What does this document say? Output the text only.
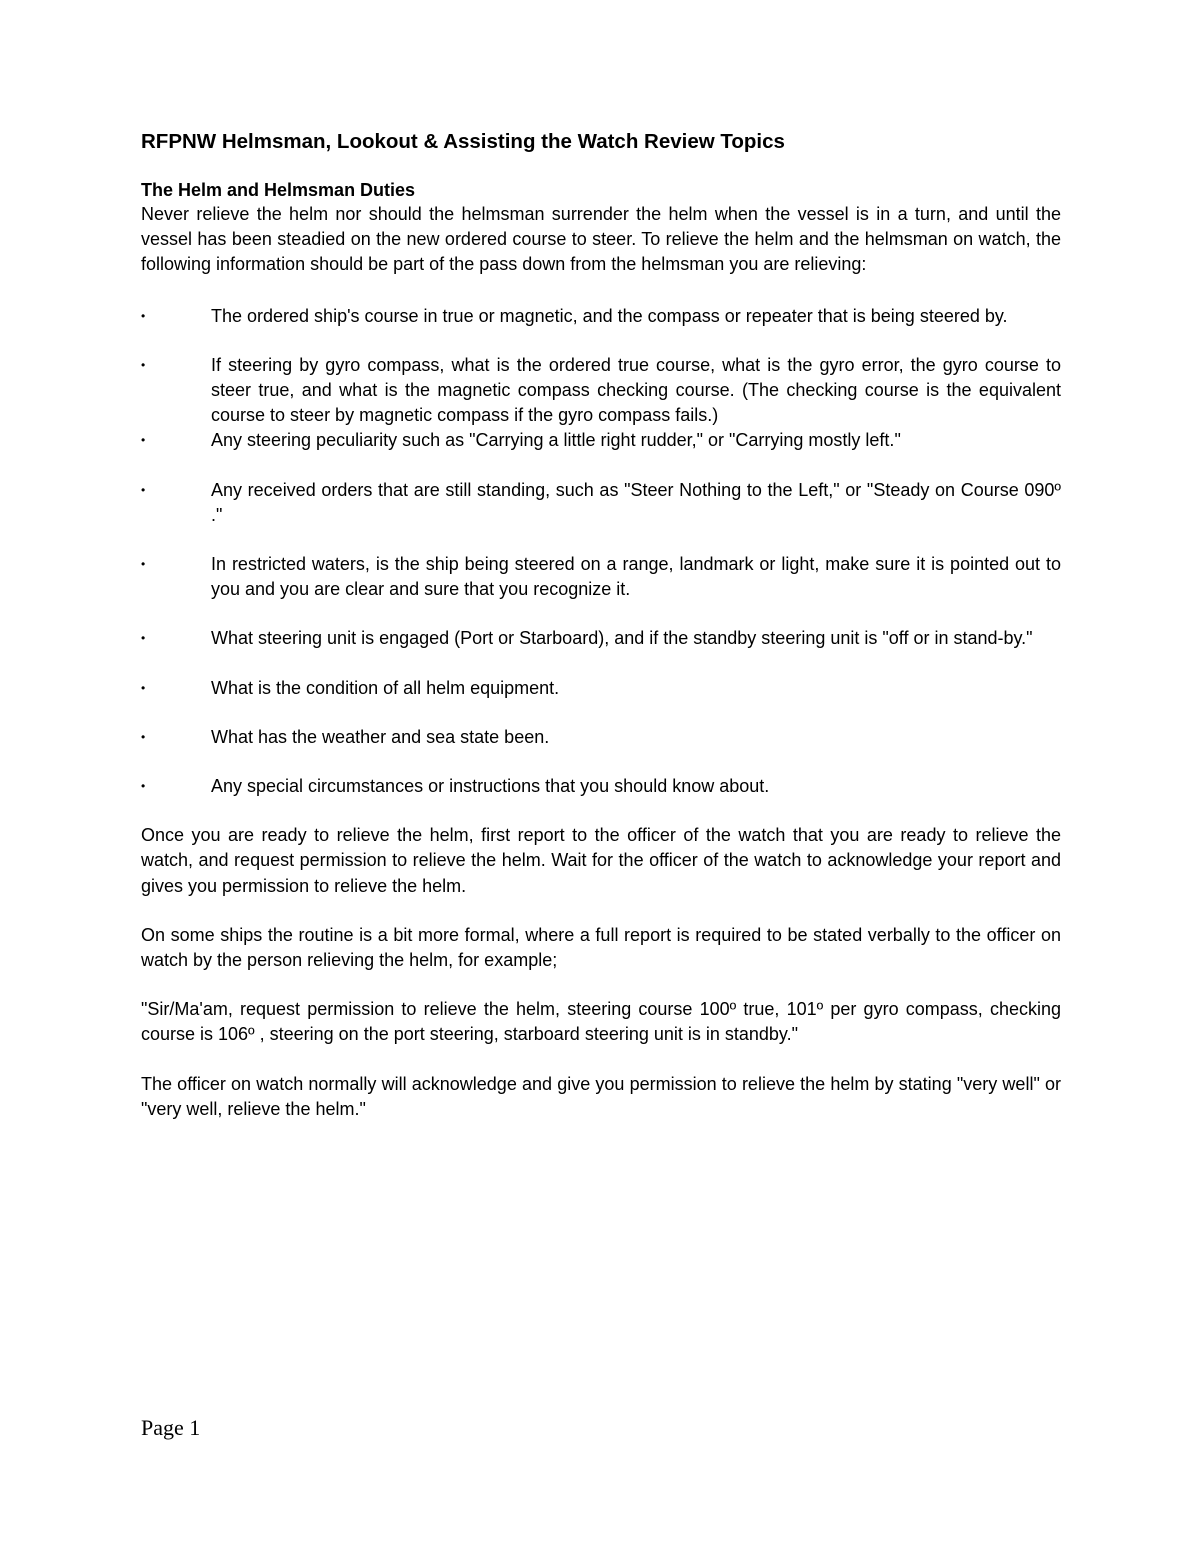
RFPNW Helmsman, Lookout & Assisting the Watch Review Topics
The Helm and Helmsman Duties

Never relieve the helm nor should the helmsman surrender the helm when the vessel is in a turn, and until the vessel has been steadied on the new ordered course to steer. To relieve the helm and the helmsman on watch, the following information should be part of the pass down from the helmsman you are relieving:

•	The ordered ship's course in true or magnetic, and the compass or repeater that is being steered by.
•	If steering by gyro compass, what is the ordered true course, what is the gyro error, the gyro course to steer true, and what is the magnetic compass checking course. (The checking course is the equivalent course to steer by magnetic compass if the gyro compass fails.)
•	Any steering peculiarity such as "Carrying a little right rudder," or "Carrying mostly left."
•	Any received orders that are still standing, such as "Steer Nothing to the Left," or "Steady on Course 090º ."
•	In restricted waters, is the ship being steered on a range, landmark or light, make sure it is pointed out to you and you are clear and sure that you recognize it.
•	What steering unit is engaged (Port or Starboard), and if the standby steering unit is "off or in stand-by."
•	What is the condition of all helm equipment.
•	What has the weather and sea state been.
•	Any special circumstances or instructions that you should know about.

Once you are ready to relieve the helm, first report to the officer of the watch that you are ready to relieve the watch, and request permission to relieve the helm. Wait for the officer of the watch to acknowledge your report and gives you permission to relieve the helm.

On some ships the routine is a bit more formal, where a full report is required to be stated verbally to the officer on watch by the person relieving the helm, for example;

"Sir/Ma'am, request permission to relieve the helm, steering course 100º true, 101º per gyro compass, checking course is 106º , steering on the port steering, starboard steering unit is in standby."

The officer on watch normally will acknowledge and give you permission to relieve the helm by stating "very well" or "very well, relieve the helm."

Page 1
